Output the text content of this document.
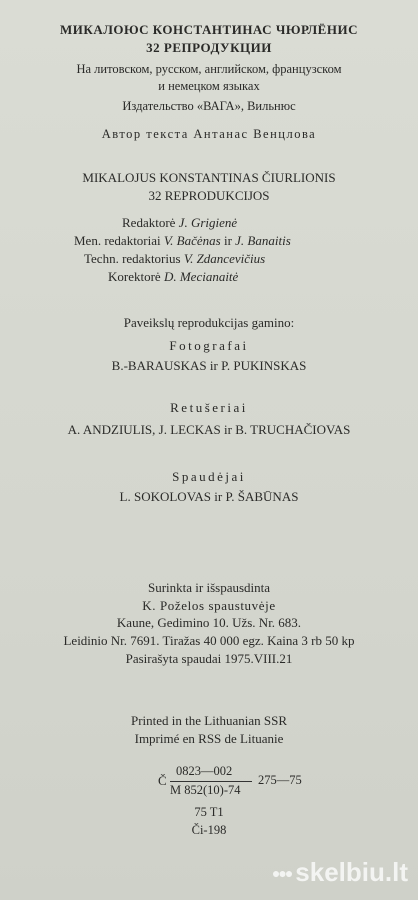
МИКАЛОЮС КОНСТАНТИНАС ЧЮРЛЁНИС
32 РЕПРОДУКЦИИ
На литовском, русском, английском, французском
и немецком языках
Издательство «ВАГА», Вильнюс
Автор текста Антанас Венцлова
MIKALOJUS KONSTANTINAS ČIURLIONIS
32 REPRODUKCIJOS
Redaktorė J. Grigienė
Men. redaktoriai V. Bačėnas ir J. Banaitis
Techn. redaktorius V. Zdancevičius
Korektorė D. Mecianaitė
Paveikslų reprodukcijas gamino:
Fotografai
B.-BARAUSKAS ir P. PUKINSKAS
Retušeriai
A. ANDZIULIS, J. LECKAS ir B. TRUCHAČIOVAS
Spaudėjai
L. SOKOLOVAS ir P. ŠABŪNAS
Surinkta ir išspausdinta
K. Poželos spaustuvėje
Kaune, Gedimino 10. Užs. Nr. 683.
Leidinio Nr. 7691. Tiražas 40 000 egz. Kaina 3 rb 50 kp
Pasirašyta spaudai 1975.VIII.21
Printed in the Lithuanian SSR
Imprimé en RSS de Lituanie
Č
0823—002
M 852(10)-74
275—75
75 T1
Či-198
●●● skelbiu.lt
